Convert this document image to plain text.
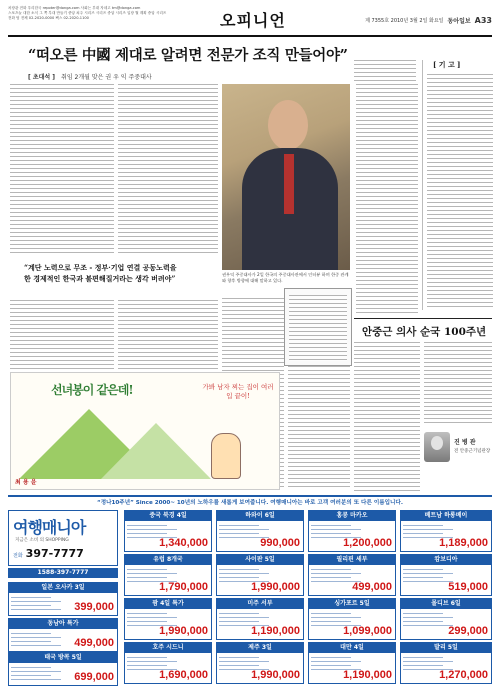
차장관 전화 우리한국 repoter@donga.com 사회는 부대 자네고 tm@donga.com
스포츠늘 대한 소식 그 쪽 부대 만들기 중앙 쳐주 시리즈 시리즈 중앙 시리즈 입장 월 계획 중앙 시리즈
전화 팀 전체 02-2020-0000 팩스 02-2020-1100	오피니언	제 7355호 2010년 3월 2일 화요일 동아일보 A33
“떠오른 中國 제대로 알려면 전문가 조직 만들어야”
[ 초대석 ] 취임 2개월 맞은 권 우 익 주중대사
권우익 주중대사가 2일 한국의 주중대사관에서 인터뷰 하며 한중 관계와 향후 방향에 대해 말하고 있다.
“계단 노력으로 무조 - 정부·기업 연결 공동노력을
한 경제적인 한국과 불편해질거라는 생각 버려야”
[ 기 고 ]
안중근 의사 순국 100주년
진 병 관
전 안중근기념관장
선녀봉이 같은데!	가봐 남자 찌는 집이 여러 입 끝이!
최 용 윤
“정나10주년” Since 2000~ 10년의 노하우를 새롭게 보여줍니다. 여행매니아는 바로 고객 여러분의 또 다른 이름입니다.
여행매니아
지금은 소비 의 SHOPPING
전화 397-7777
1588-397-7777
일본 오사카 3일
399,000
동남아 특가
499,000
태국 방콕 5일
699,000
중국 북경 4일
1,340,000
유럽 8개국
1,790,000
괌 4일 특가
1,990,000
호주 시드니
1,690,000
하와이 6일
990,000
사이판 5일
1,990,000
미주 서부
1,190,000
제주 3일
1,990,000
홍콩 마카오
1,200,000
필리핀 세부
499,000
싱가포르 5일
1,099,000
대만 4일
1,190,000
베트남 하롱베이
1,189,000
캄보디아
519,000
몰디브 6일
299,000
발리 5일
1,270,000
